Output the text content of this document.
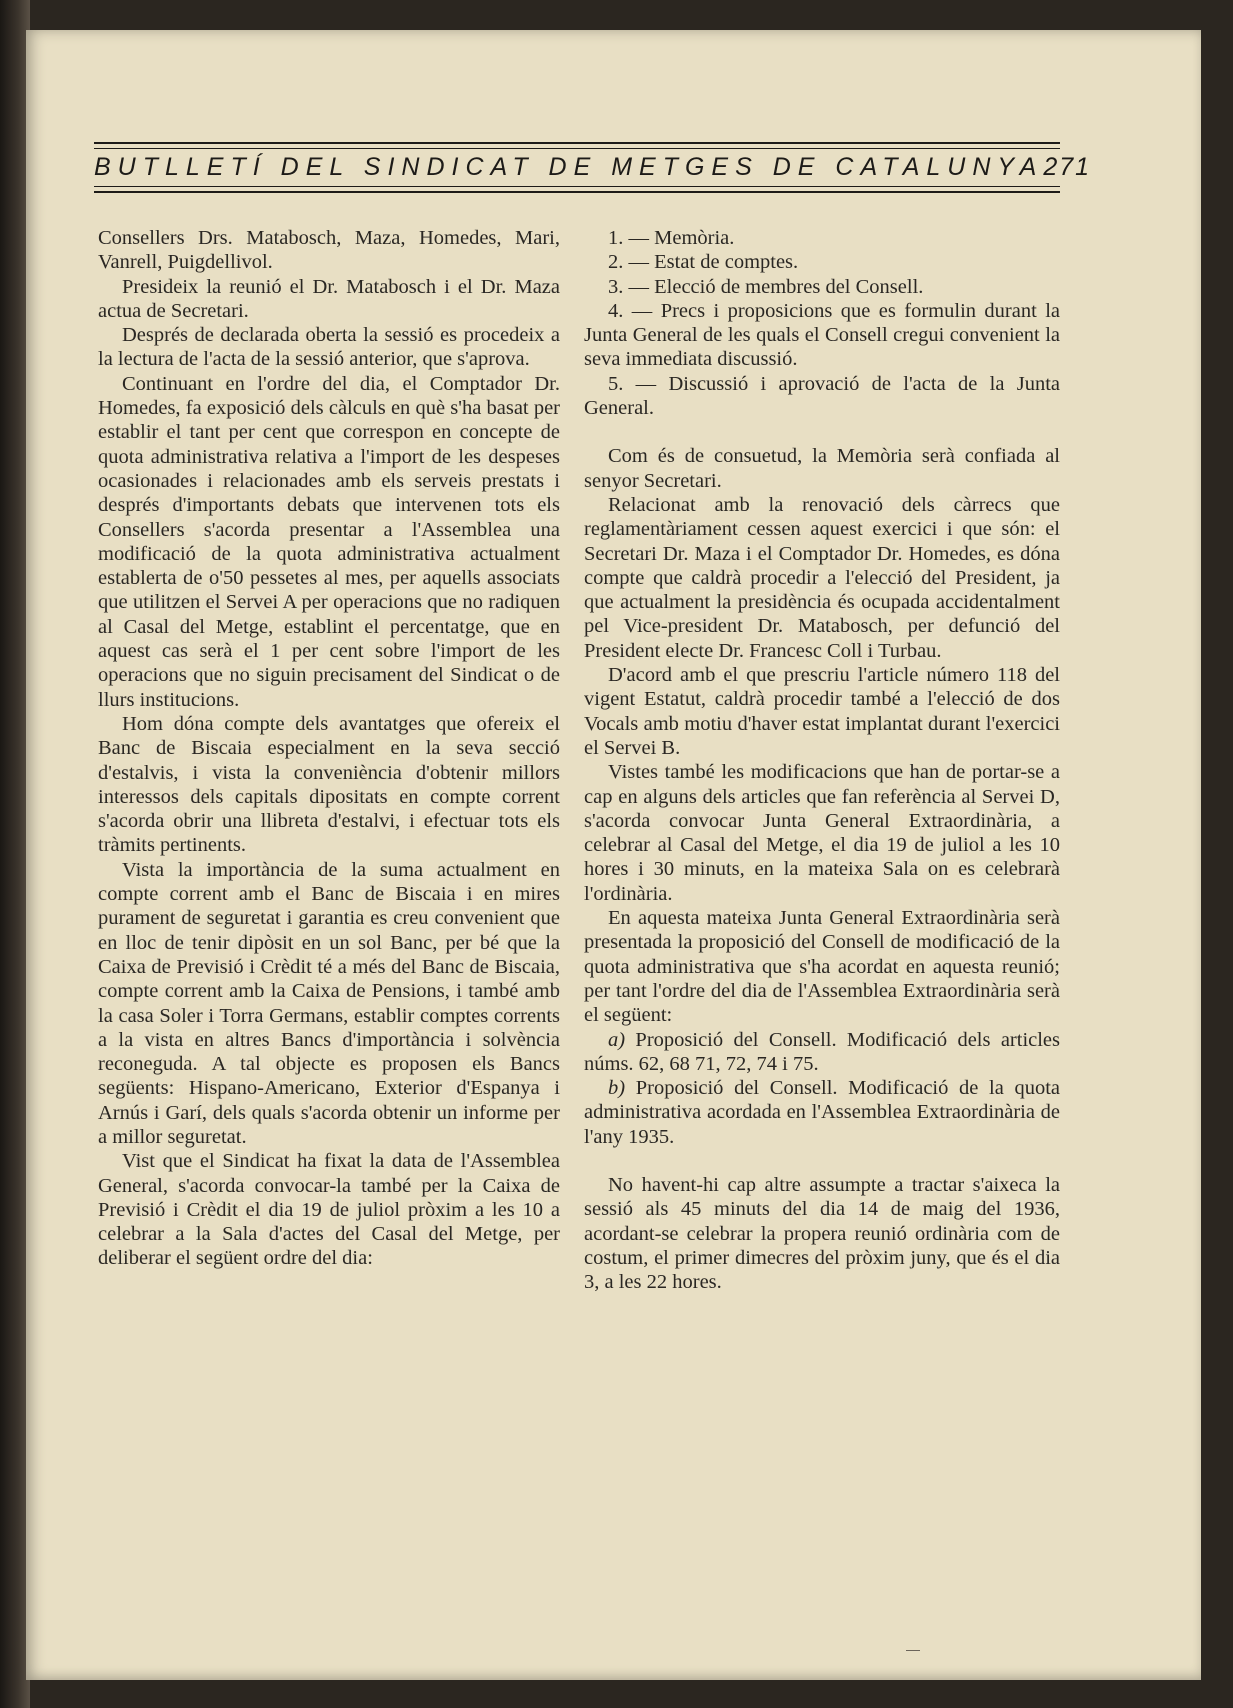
BUTLLETÍ DEL SINDICAT DE METGES DE CATALUNYA 271

Consellers Drs. Matabosch, Maza, Homedes, Mari, Vanrell, Puigdellivol.

Presideix la reunió el Dr. Matabosch i el Dr. Maza actua de Secretari.

Després de declarada oberta la sessió es procedeix a la lectura de l'acta de la sessió anterior, que s'aprova.

Continuant en l'ordre del dia, el Comptador Dr. Homedes, fa exposició dels càlculs en què s'ha basat per establir el tant per cent que correspon en concepte de quota administrativa relativa a l'import de les despeses ocasionades i relacionades amb els serveis prestats i després d'importants debats que intervenen tots els Consellers s'acorda presentar a l'Assemblea una modificació de la quota administrativa actualment establerta de o'50 pessetes al mes, per aquells associats que utilitzen el Servei A per operacions que no radiquen al Casal del Metge, establint el percentatge, que en aquest cas serà el 1 per cent sobre l'import de les operacions que no siguin precisament del Sindicat o de llurs institucions.

Hom dóna compte dels avantatges que ofereix el Banc de Biscaia especialment en la seva secció d'estalvis, i vista la conveniència d'obtenir millors interessos dels capitals dipositats en compte corrent s'acorda obrir una llibreta d'estalvi, i efectuar tots els tràmits pertinents.

Vista la importància de la suma actualment en compte corrent amb el Banc de Biscaia i en mires purament de seguretat i garantia es creu convenient que en lloc de tenir dipòsit en un sol Banc, per bé que la Caixa de Previsió i Crèdit té a més del Banc de Biscaia, compte corrent amb la Caixa de Pensions, i també amb la casa Soler i Torra Germans, establir comptes corrents a la vista en altres Bancs d'importància i solvència reconeguda. A tal objecte es proposen els Bancs següents: Hispano-Americano, Exterior d'Espanya i Arnús i Garí, dels quals s'acorda obtenir un informe per a millor seguretat.

Vist que el Sindicat ha fixat la data de l'Assemblea General, s'acorda convocar-la també per la Caixa de Previsió i Crèdit el dia 19 de juliol pròxim a les 10 a celebrar a la Sala d'actes del Casal del Metge, per deliberar el següent ordre del dia:

1. — Memòria.
2. — Estat de comptes.
3. — Elecció de membres del Consell.
4. — Precs i proposicions que es formulin durant la Junta General de les quals el Consell cregui convenient la seva immediata discussió.
5. — Discussió i aprovació de l'acta de la Junta General.

Com és de consuetud, la Memòria serà confiada al senyor Secretari.

Relacionat amb la renovació dels càrrecs que reglamentàriament cessen aquest exercici i que són: el Secretari Dr. Maza i el Comptador Dr. Homedes, es dóna compte que caldrà procedir a l'elecció del President, ja que actualment la presidència és ocupada accidentalment pel Vice-president Dr. Matabosch, per defunció del President electe Dr. Francesc Coll i Turbau.

D'acord amb el que prescriu l'article número 118 del vigent Estatut, caldrà procedir també a l'elecció de dos Vocals amb motiu d'haver estat implantat durant l'exercici el Servei B.

Vistes també les modificacions que han de portar-se a cap en alguns dels articles que fan referència al Servei D, s'acorda convocar Junta General Extraordinària, a celebrar al Casal del Metge, el dia 19 de juliol a les 10 hores i 30 minuts, en la mateixa Sala on es celebrarà l'ordinària.

En aquesta mateixa Junta General Extraordinària serà presentada la proposició del Consell de modificació de la quota administrativa que s'ha acordat en aquesta reunió; per tant l'ordre del dia de l'Assemblea Extraordinària serà el següent:

a) Proposició del Consell. Modificació dels articles núms. 62, 68 71, 72, 74 i 75.

b) Proposició del Consell. Modificació de la quota administrativa acordada en l'Assemblea Extraordinària de l'any 1935.

No havent-hi cap altre assumpte a tractar s'aixeca la sessió als 45 minuts del dia 14 de maig del 1936, acordant-se celebrar la propera reunió ordinària com de costum, el primer dimecres del pròxim juny, que és el dia 3, a les 22 hores.
